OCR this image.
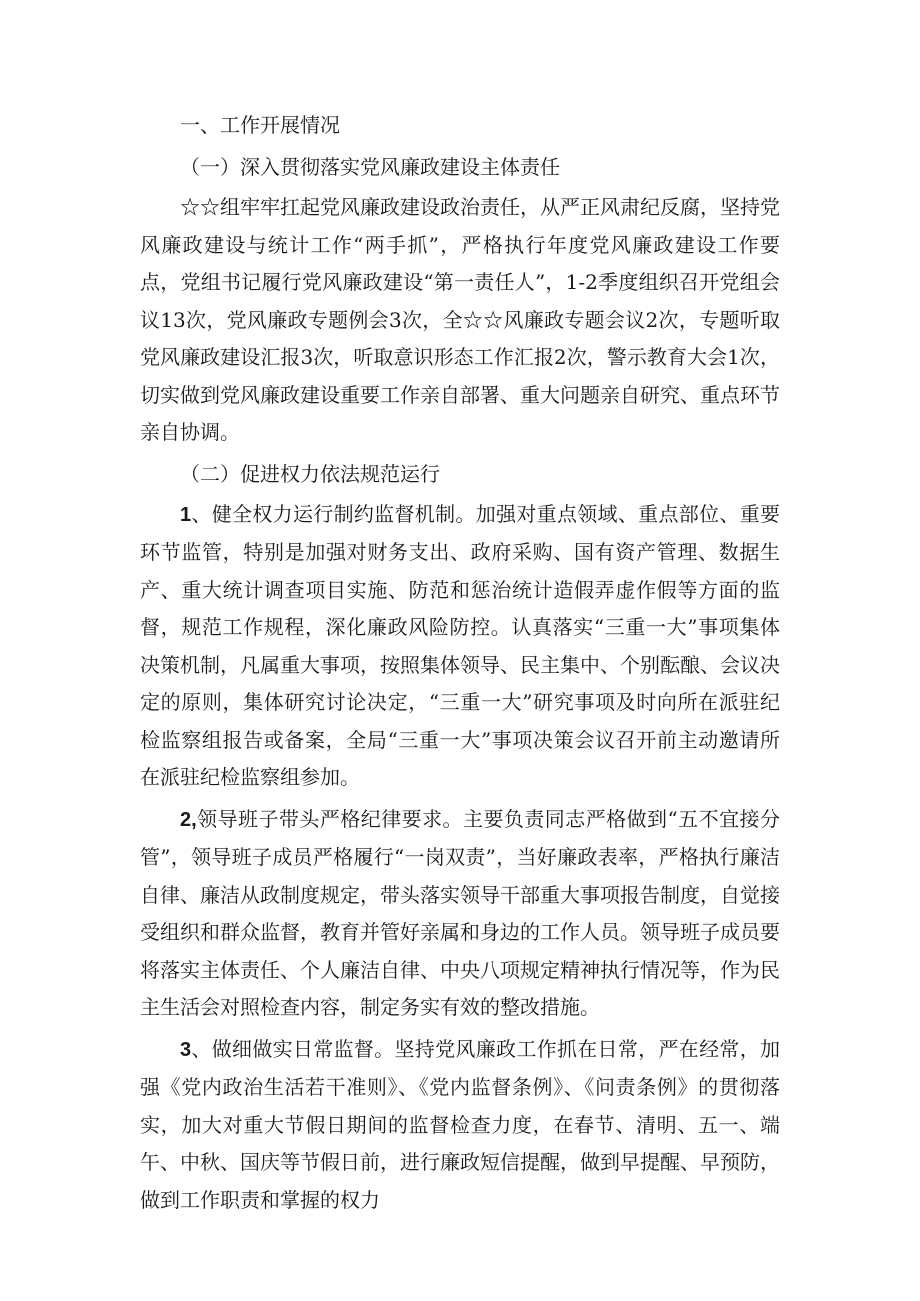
一、工作开展情况
（一）深入贯彻落实党风廉政建设主体责任

☆☆组牢牢扛起党风廉政建设政治责任，从严正风肃纪反腐，坚持党风廉政建设与统计工作“两手抓”，严格执行年度党风廉政建设工作要点，党组书记履行党风廉政建设“第一责任人”，1-2季度组织召开党组会议13次，党风廉政专题例会3次，全☆☆风廉政专题会议2次，专题听取党风廉政建设汇报3次，听取意识形态工作汇报2次，警示教育大会1次，切实做到党风廉政建设重要工作亲自部署、重大问题亲自研究、重点环节亲自协调。

（二）促进权力依法规范运行

1、健全权力运行制约监督机制。加强对重点领域、重点部位、重要环节监管，特别是加强对财务支出、政府采购、国有资产管理、数据生产、重大统计调查项目实施、防范和惩治统计造假弄虚作假等方面的监督，规范工作规程，深化廉政风险防控。认真落实“三重一大”事项集体决策机制，凡属重大事项，按照集体领导、民主集中、个别酝酿、会议决定的原则，集体研究讨论决定，“三重一大”研究事项及时向所在派驻纪检监察组报告或备案，全局“三重一大”事项决策会议召开前主动邀请所在派驻纪检监察组参加。

2,领导班子带头严格纪律要求。主要负责同志严格做到“五不宜接分管”，领导班子成员严格履行“一岗双责”，当好廉政表率，严格执行廉洁自律、廉洁从政制度规定，带头落实领导干部重大事项报告制度，自觉接受组织和群众监督，教育并管好亲属和身边的工作人员。领导班子成员要将落实主体责任、个人廉洁自律、中央八项规定精神执行情况等，作为民主生活会对照检查内容，制定务实有效的整改措施。

3、做细做实日常监督。坚持党风廉政工作抓在日常，严在经常，加强《党内政治生活若干准则》、《党内监督条例》、《问责条例》的贯彻落实，加大对重大节假日期间的监督检查力度，在春节、清明、五一、端午、中秋、国庆等节假日前，进行廉政短信提醒，做到早提醒、早预防，做到工作职责和掌握的权力
